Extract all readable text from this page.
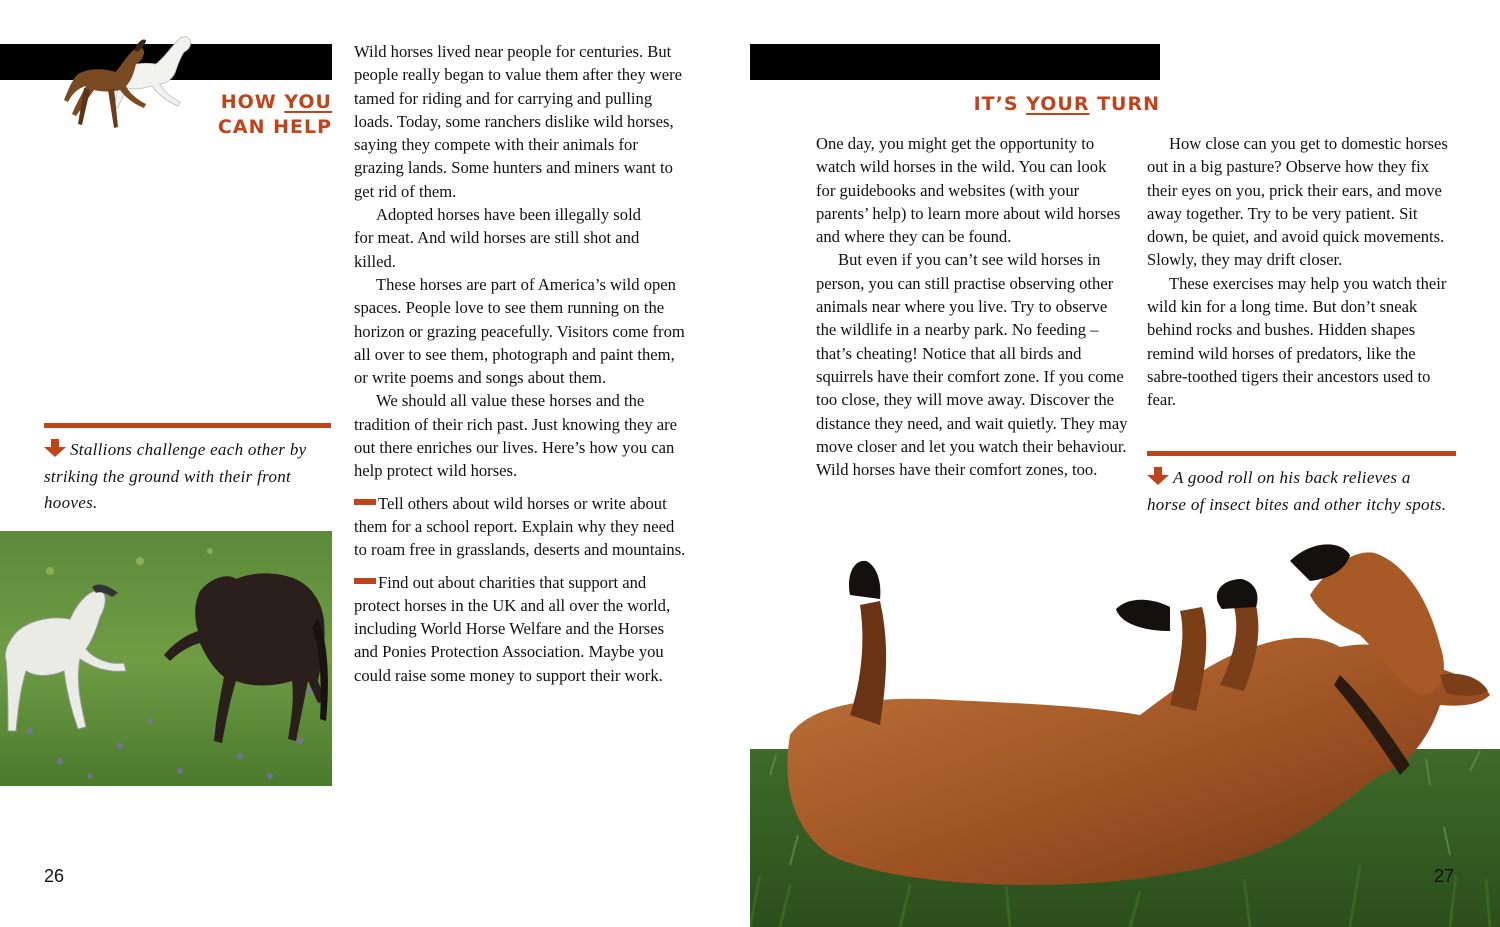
HOW YOU
CAN HELP

Wild horses lived near people for centuries. But people really began to value them after they were tamed for riding and for carrying and pulling loads. Today, some ranchers dislike wild horses, saying they compete with their animals for grazing lands. Some hunters and miners want to get rid of them.

Adopted horses have been illegally sold for meat. And wild horses are still shot and killed.

These horses are part of America’s wild open spaces. People love to see them running on the horizon or grazing peacefully. Visitors come from all over to see them, photograph and paint them, or write poems and songs about them.

We should all value these horses and the tradition of their rich past. Just knowing they are out there enriches our lives. Here’s how you can help protect wild horses.

Tell others about wild horses or write about them for a school report. Explain why they need to roam free in grasslands, deserts and mountains.

Find out about charities that support and protect horses in the UK and all over the world, including World Horse Welfare and the Horses and Ponies Protection Association. Maybe you could raise some money to support their work.

Stallions challenge each other by striking the ground with their front hooves.
26
IT’S YOUR TURN

One day, you might get the opportunity to watch wild horses in the wild. You can look for guidebooks and websites (with your parents’ help) to learn more about wild horses and where they can be found.

But even if you can’t see wild horses in person, you can still practise observing other animals near where you live. Try to observe the wildlife in a nearby park. No feeding – that’s cheating! Notice that all birds and squirrels have their comfort zone. If you come too close, they will move away. Discover the distance they need, and wait quietly. They may move closer and let you watch their behaviour. Wild horses have their comfort zones, too.

How close can you get to domestic horses out in a big pasture? Observe how they fix their eyes on you, prick their ears, and move away together. Try to be very patient. Sit down, be quiet, and avoid quick movements. Slowly, they may drift closer.

These exercises may help you watch their wild kin for a long time. But don’t sneak behind rocks and bushes. Hidden shapes remind wild horses of predators, like the sabre-toothed tigers their ancestors used to fear.

A good roll on his back relieves a horse of insect bites and other itchy spots.
27
